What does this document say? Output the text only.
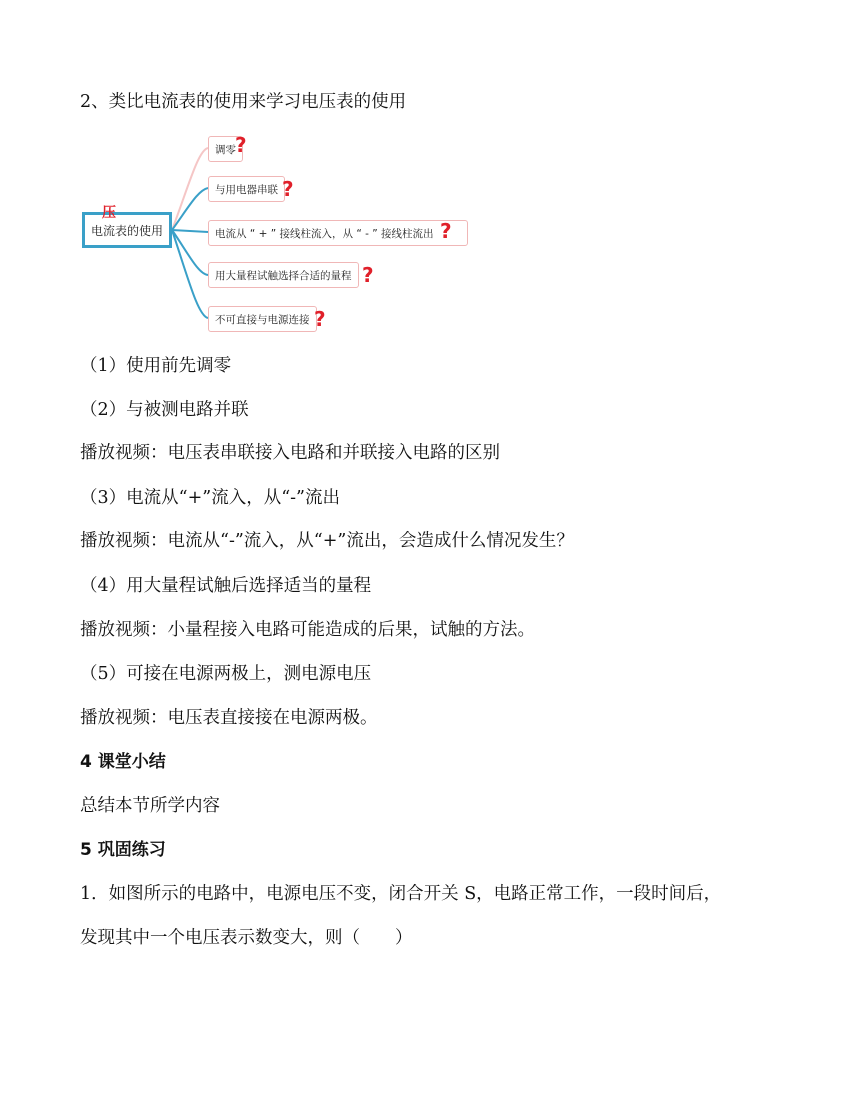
2、类比电流表的使用来学习电压表的使用
电流表的使用
压
调零 ?
与用电器串联 ?
电流从 “ + ” 接线柱流入，从 “ - ” 接线柱流出 ?
用大量程试触选择合适的量程 ?
不可直接与电源连接 ?
（1）使用前先调零
（2）与被测电路并联
播放视频：电压表串联接入电路和并联接入电路的区别
（3）电流从“+”流入，从“-”流出
播放视频：电流从“-”流入，从“+”流出，会造成什么情况发生？
（4）用大量程试触后选择适当的量程
播放视频：小量程接入电路可能造成的后果，试触的方法。
（5）可接在电源两极上，测电源电压
播放视频：电压表直接接在电源两极。
4 课堂小结
总结本节所学内容
5 巩固练习
1．如图所示的电路中，电源电压不变，闭合开关 S，电路正常工作，一段时间后，
发现其中一个电压表示数变大，则（　　）
